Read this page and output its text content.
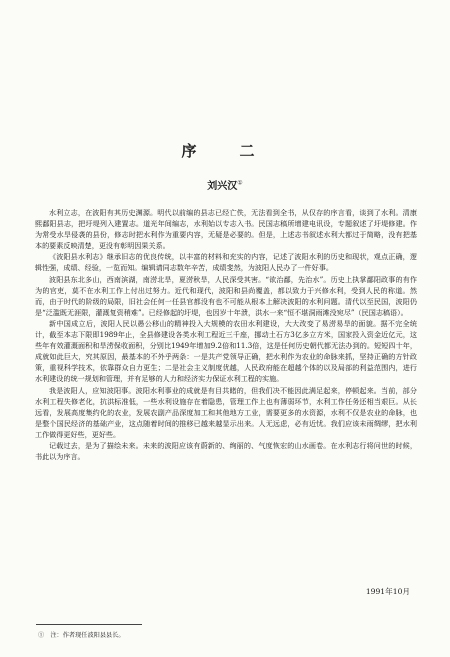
序　二
刘兴汉①

水利立志，在波阳有其历史渊源。明代以前编的县志已经亡佚，无法看到全书，从仅存的序言看，谈到了水利。清康熙鄱阳县志，把圩堤列入建置志。道光年间编志，水利始以专志入书。民国志稿所增建电讯设，专题叙述了圩堤修建。作为常受水旱侵袭的县份，修志时把水利作为重要内容，无疑是必要的。但是，上述志书叙述水利大都过于简略，没有把基本的要素反映清楚，更没有彰明因果关系。

《波阳县水利志》继承旧志的优良传统，以丰富的材料和充实的内容，记述了波阳水利的历史和现状，观点正确，逻辑性强，成绩、经验，一览而知。编辑请同志数年辛苦，成绩斐然，为波阳人民办了一件好事。

波阳县东北多山，西南滨湖，南涝北旱，夏涝秋旱，人民深受其害。“欲治鄱，先治水”。历史上执掌鄱阳政事的有作为的官吏，莫不在水利工作上付出过努力。近代和现代，波阳和县尚覆盖，都以致力于兴修水利，受到人民的称道。然而，由于时代的阶级的局限，旧社会任何一任县官都没有也不可能从根本上解决波阳的水利问题。清代以至民国，波阳仍是“泛滥既无涯限，灌溉复资稍难”。已经修起的圩堤，也因岁十年溃，洪水一来“恒不堪洞雨滩没宛尽”（民国志稿语）。

新中国成立后，波阳人民以愚公移山的精神投入大规模的农田水利建设，大大改变了易涝易旱的面貌。据不完全统计，截至本志下限即1989年止，全县修建设各类水利工程近三千座，挪动土石方3亿多立方米，国家投入资金近亿元，这些年有效灌溉面积和旱涝保收面积，分别比1949年增加9.2倍和11.3倍，这是任何历史朝代都无法办到的。短短四十年，成就如此巨大，究其原因，最基本的不外乎两条：一是共产党领导正确，把水利作为农业的命脉来抓，坚持正确的方针政策，重视科学技术，依靠群众自力更生；二是社会主义制度优越，人民政府能在超越个体的以及局部的利益范围内，进行水利建设的统一规划和管理，并有足够的人力和经济实力保证水利工程的实施。

我是波阳人，应知波阳事。波阳水利事业的成就是有目共睹的，但我们决不能因此满足起来，停顿起来。当前，部分水利工程失修老化，抗洪标准低，一些水利设施存在着隐患，管理工作上也有薄弱环节，水利工作任务还相当艰巨。从长远看，发展高度集约化的农业，发展农副产品深度加工和其他地方工业，需要更多的水资源，水利不仅是农业的命脉，也是整个国民经济的基础产业，这点随着时间的推移已越来越显示出来。人无远虑，必有近忧。我们应该未雨绸缪，把水利工作做得更好些，更好些。

记载过去，是为了描绘未来。未来的波阳应该有蔚新的、绚丽的、气度恢宏的山水画卷。在水利志行将问世的时候，书此以为序言。

1991年10月
①　注：作者现任波阳县县长。
